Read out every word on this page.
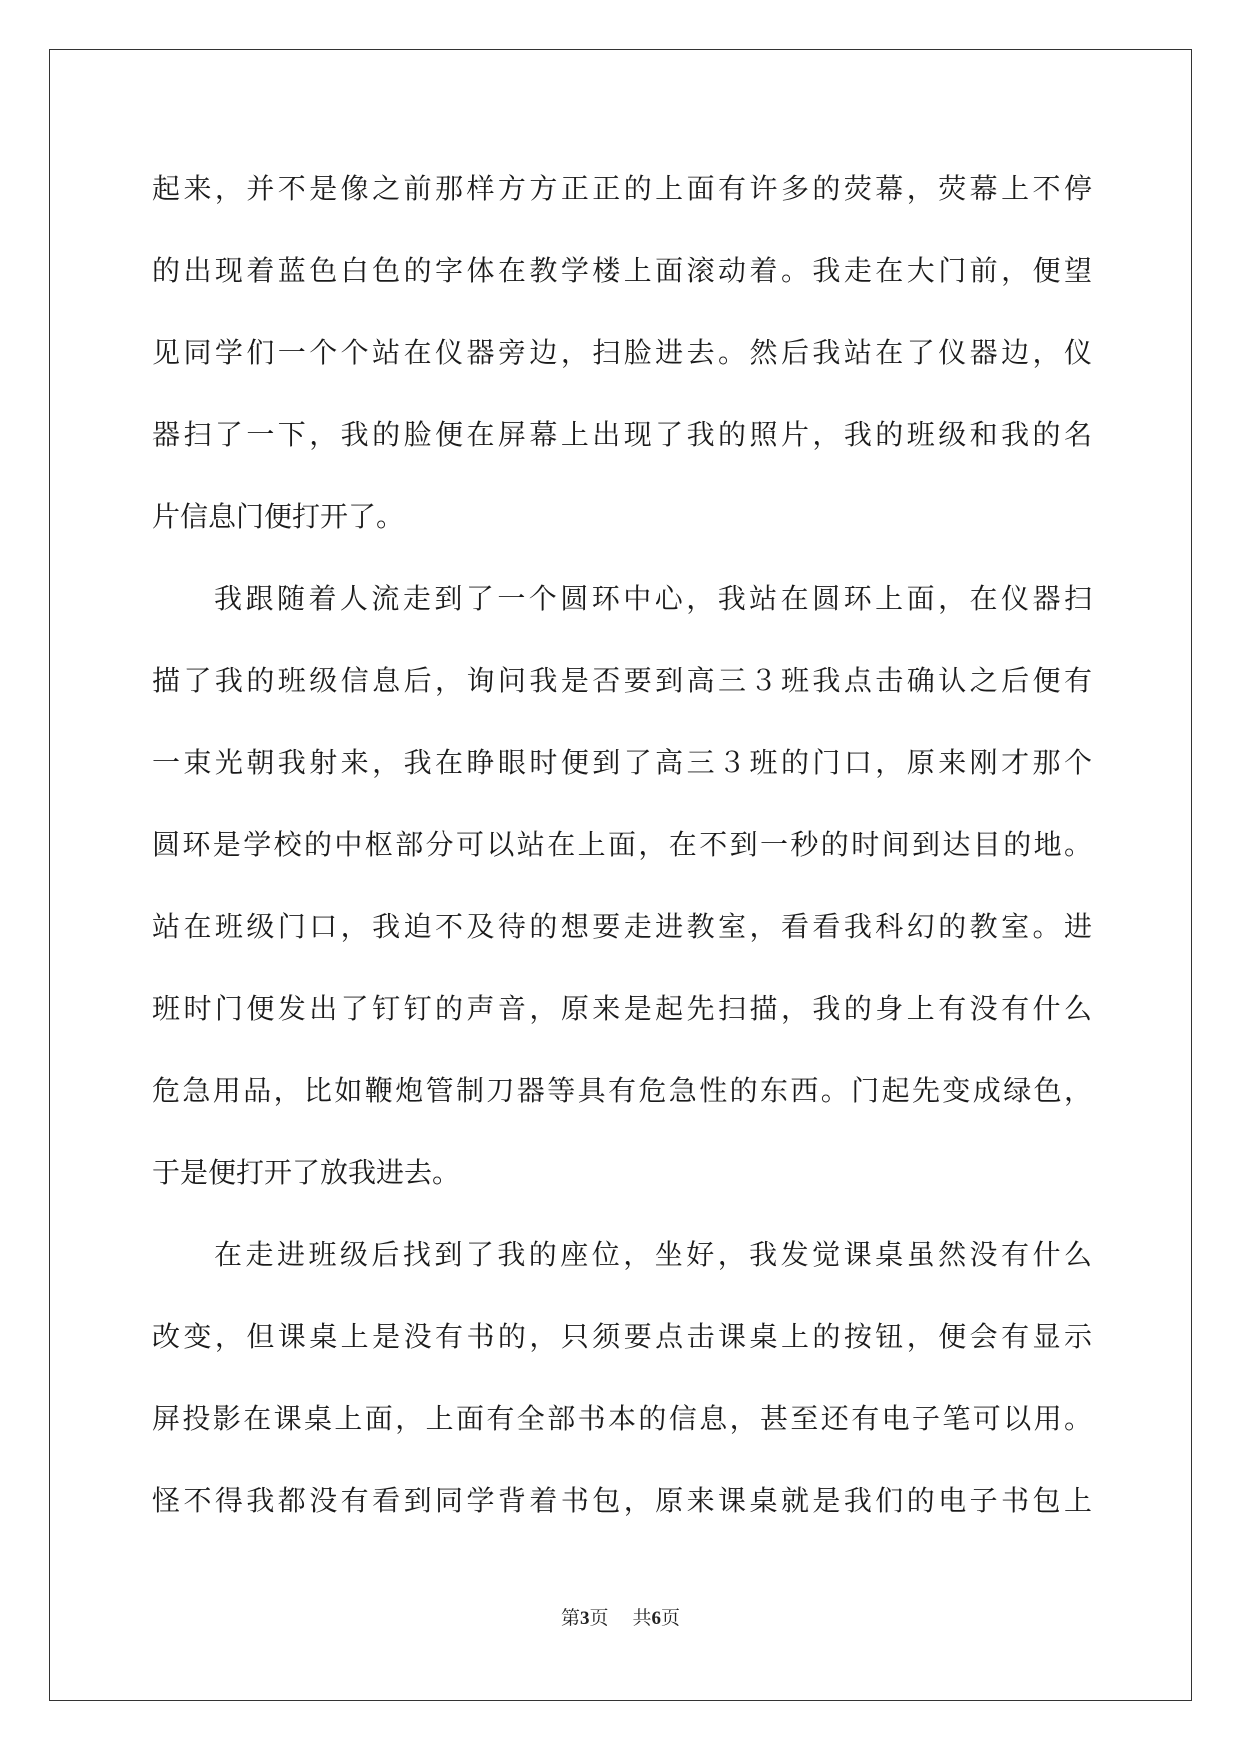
起来，并不是像之前那样方方正正的上面有许多的荧幕，荧幕上不停
的出现着蓝色白色的字体在教学楼上面滚动着。我走在大门前，便望
见同学们一个个站在仪器旁边，扫脸进去。然后我站在了仪器边，仪
器扫了一下，我的脸便在屏幕上出现了我的照片，我的班级和我的名
片信息门便打开了。
我跟随着人流走到了一个圆环中心，我站在圆环上面，在仪器扫
描了我的班级信息后，询问我是否要到高三３班我点击确认之后便有
一束光朝我射来，我在睁眼时便到了高三３班的门口，原来刚才那个
圆环是学校的中枢部分可以站在上面，在不到一秒的时间到达目的地。
站在班级门口，我迫不及待的想要走进教室，看看我科幻的教室。进
班时门便发出了钉钉的声音，原来是起先扫描，我的身上有没有什么
危急用品，比如鞭炮管制刀器等具有危急性的东西。门起先变成绿色，
于是便打开了放我进去。
在走进班级后找到了我的座位，坐好，我发觉课桌虽然没有什么
改变，但课桌上是没有书的，只须要点击课桌上的按钮，便会有显示
屏投影在课桌上面，上面有全部书本的信息，甚至还有电子笔可以用。
怪不得我都没有看到同学背着书包，原来课桌就是我们的电子书包上
第3页 共6页
